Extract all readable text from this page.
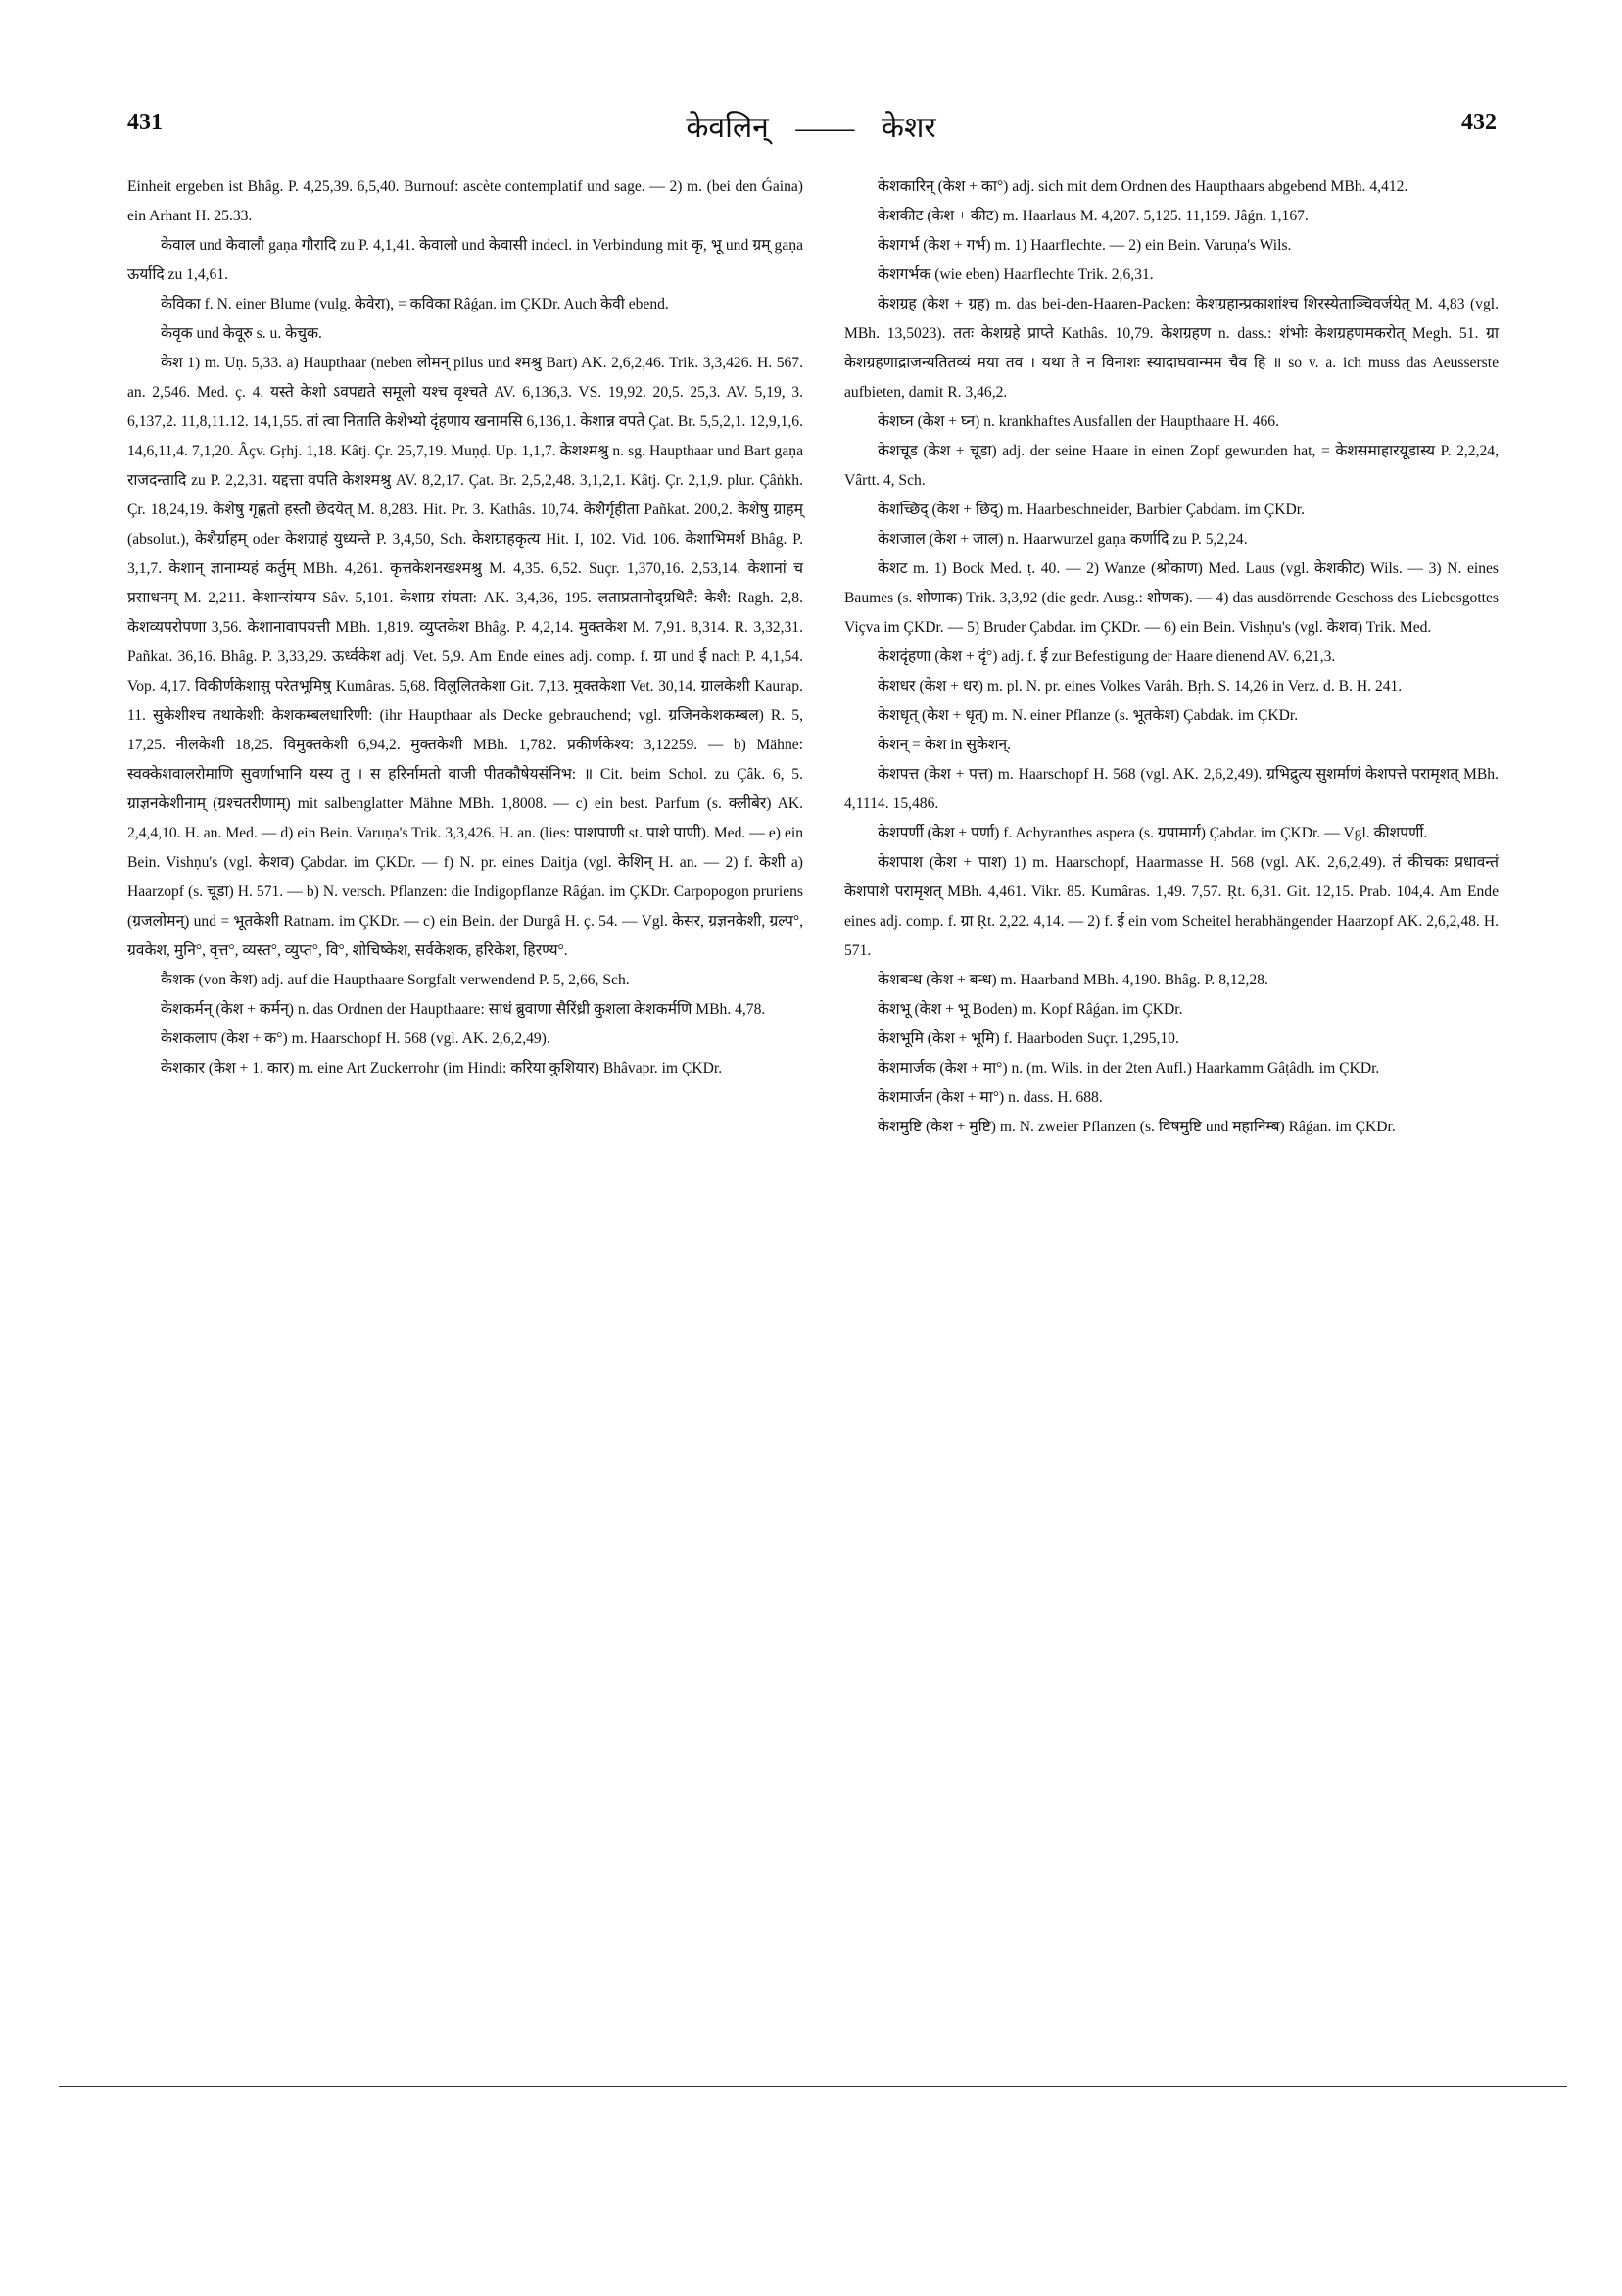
431	केवलिन् —— केशर	432

Einheit ergeben ist Bhâg. P. 4,25,39. 6,5,40. Burnouf: ascète contemplatif und sage. — 2) m. (bei den Ǵaina) ein Arhant H. 25.33.

केवाल und केवालौ gaṇa गौरादि zu P. 4,1,41. केवालो und केवासी indecl. in Verbindung mit कृ, भू und ग्रम् gaṇa ऊर्यादि zu 1,4,61.

केविका f. N. einer Blume (vulg. केवेरा), = कविका Râǵan. im ÇKDr. Auch केवी ebend.

केवृक und केवूरु s. u. केचुक.

केश 1) m. Uṇ. 5,33. a) Haupthaar (neben लोमन् pilus und श्मश्रु Bart) AK. 2,6,2,46. Trik. 3,3,426. H. 567. an. 2,546. Med. ç. 4. यस्ते केशो ऽवपद्यते समूलो यश्च वृश्चते AV. 6,136,3. VS. 19,92. 20,5. 25,3. AV. 5,19, 3. 6,137,2. 11,8,11.12. 14,1,55. तां त्वा निताति केशेभ्यो दृंहणाय खनामसि 6,136,1. केशान्न वपते Çat. Br. 5,5,2,1. 12,9,1,6. 14,6,11,4. 7,1,20. Âçv. Gṛhj. 1,18. Kâtj. Çr. 25,7,19. Muṇḍ. Up. 1,1,7. केशश्मश्रु n. sg. Haupthaar und Bart gaṇa राजदन्तादि zu P. 2,2,31. यद्दत्ता वपति केशश्मश्रु AV. 8,2,17. Çat. Br. 2,5,2,48. 3,1,2,1. Kâtj. Çr. 2,1,9. plur. Çâṅkh. Çr. 18,24,19. केशेषु गृह्णतो हस्तौ छेदयेत् M. 8,283. Hit. Pr. 3. Kathâs. 10,74. केशैर्गृहीता Pañkat. 200,2. केशेषु ग्राहम् (absolut.), केशैर्ग्राहम् oder केशग्राहं युध्यन्ते P. 3,4,50, Sch. केशग्राहकृत्य Hit. I, 102. Vid. 106. केशाभिमर्श Bhâg. P. 3,1,7. केशान् ज्ञानाम्यहं कर्तुम् MBh. 4,261. कृत्तकेशनखश्मश्रु M. 4,35. 6,52. Suçr. 1,370,16. 2,53,14. केशानां च प्रसाधनम् M. 2,211. केशान्संयम्य Sâv. 5,101. केशाग्र संयता: AK. 3,4,36, 195. लताप्रतानोद्ग्रथितै: केशै: Ragh. 2,8. केशव्यपरोपणा 3,56. केशानावापयत्ती MBh. 1,819. व्युप्तकेश Bhâg. P. 4,2,14. मुक्तकेश M. 7,91. 8,314. R. 3,32,31. Pañkat. 36,16. Bhâg. P. 3,33,29. ऊर्ध्वकेश adj. Vet. 5,9. Am Ende eines adj. comp. f. ग्रा und ई nach P. 4,1,54. Vop. 4,17. विकीर्णकेशासु परेतभूमिषु Kumâras. 5,68. विलुलितकेशा Git. 7,13. मुक्तकेशा Vet. 30,14. ग्रालकेशी Kaurap. 11. सुकेशीश्च तथाकेशी: केशकम्बलधारिणी: (ihr Haupthaar als Decke gebrauchend; vgl. ग्रजिनकेशकम्बल) R. 5, 17,25. नीलकेशी 18,25. विमुक्तकेशी 6,94,2. मुक्तकेशी MBh. 1,782. प्रकीर्णकेश्य: 3,12259. — b) Mähne: स्वक्केशवालरोमाणि सुवर्णाभानि यस्य तु । स हरिर्नामतो वाजी पीतकौषेयसंनिभ: ॥ Cit. beim Schol. zu Çâk. 6, 5. ग्राज्ञनकेशीनाम् (ग्रश्चतरीणाम्) mit salbenglatter Mähne MBh. 1,8008. — c) ein best. Parfum (s. क्लीबेर) AK. 2,4,4,10. H. an. Med. — d) ein Bein. Varuṇa's Trik. 3,3,426. H. an. (lies: पाशपाणी st. पाशे पाणी). Med. — e) ein Bein. Vishṇu's (vgl. केशव) Çabdar. im ÇKDr. — f) N. pr. eines Daitja (vgl. केशिन् H. an. — 2) f. केशी a) Haarzopf (s. चूडा) H. 571. — b) N. versch. Pflanzen: die Indigopflanze Râǵan. im ÇKDr. Carpopogon pruriens (ग्रजलोमन्) und = भूतकेशी Ratnam. im ÇKDr. — c) ein Bein. der Durgâ H. ç. 54. — Vgl. केसर, ग्रज्ञनकेशी, ग्रल्प°, ग्रवकेश, मुनि°, वृत्त°, व्यस्त°, व्युप्त°, वि°, शोचिष्केश, सर्वकेशक, हरिकेश, हिरण्य°.

कैशक (von केश) adj. auf die Haupthaare Sorgfalt verwendend P. 5, 2,66, Sch.

केशकर्मन् (केश + कर्मन्) n. das Ordnen der Haupthaare: साधं ब्रुवाणा सैरिंध्री कुशला केशकर्मणि MBh. 4,78.

केशकलाप (केश + क°) m. Haarschopf H. 568 (vgl. AK. 2,6,2,49).

केशकार (केश + 1. कार) m. eine Art Zuckerrohr (im Hindi: करिया कुशियार) Bhâvapr. im ÇKDr.

केशकारिन् (केश + का°) adj. sich mit dem Ordnen des Haupthaars abgebend MBh. 4,412.

केशकीट (केश + कीट) m. Haarlaus M. 4,207. 5,125. 11,159. Jâǵn. 1,167.

केशगर्भ (केश + गर्भ) m. 1) Haarflechte. — 2) ein Bein. Varuṇa's Wils.

केशगर्भक (wie eben) Haarflechte Trik. 2,6,31.

केशग्रह (केश + ग्रह) m. das bei-den-Haaren-Packen: केशग्रहान्प्रकाशांश्च शिरस्येताञ्चिवर्जयेत् M. 4,83 (vgl. MBh. 13,5023). ततः केशग्रहे प्राप्ते Kathâs. 10,79. केशग्रहण n. dass.: शंभोः केशग्रहणमकरोत् Megh. 51. ग्रा केशग्रहणाद्राजन्यतितव्यं मया तव । यथा ते न विनाशः स्यादाघवान्मम चैव हि ॥ so v. a. ich muss das Aeusserste aufbieten, damit R. 3,46,2.

केशघ्न (केश + घ्न) n. krankhaftes Ausfallen der Haupthaare H. 466.

केशचूड (केश + चूडा) adj. der seine Haare in einen Zopf gewunden hat, = केशसमाहारयूडास्य P. 2,2,24, Vârtt. 4, Sch.

केशच्छिद् (केश + छिद्) m. Haarbeschneider, Barbier Çabdam. im ÇKDr.

केशजाल (केश + जाल) n. Haarwurzel gaṇa कर्णादि zu P. 5,2,24.

केशट m. 1) Bock Med. ṭ. 40. — 2) Wanze (श्रोकाण) Med. Laus (vgl. केशकीट) Wils. — 3) N. eines Baumes (s. शोणाक) Trik. 3,3,92 (die gedr. Ausg.: शोणक). — 4) das ausdörrende Geschoss des Liebesgottes Viçva im ÇKDr. — 5) Bruder Çabdar. im ÇKDr. — 6) ein Bein. Vishṇu's (vgl. केशव) Trik. Med.

केशदृंहणा (केश + दृं°) adj. f. ई zur Befestigung der Haare dienend AV. 6,21,3.

केशधर (केश + धर) m. pl. N. pr. eines Volkes Varâh. Bṛh. S. 14,26 in Verz. d. B. H. 241.

केशधृत् (केश + धृत्) m. N. einer Pflanze (s. भूतकेश) Çabdak. im ÇKDr.

केशन् = केश in सुकेशन्.

केशपत्त (केश + पत्त) m. Haarschopf H. 568 (vgl. AK. 2,6,2,49). ग्रभिद्रुत्य सुशर्माणं केशपत्ते परामृशत् MBh. 4,1114. 15,486.

केशपर्णी (केश + पर्णा) f. Achyranthes aspera (s. ग्रपामार्ग) Çabdar. im ÇKDr. — Vgl. कीशपर्णी.

केशपाश (केश + पाश) 1) m. Haarschopf, Haarmasse H. 568 (vgl. AK. 2,6,2,49). तं कीचकः प्रधावन्तं केशपाशे परामृशत् MBh. 4,461. Vikr. 85. Kumâras. 1,49. 7,57. Ṛt. 6,31. Git. 12,15. Prab. 104,4. Am Ende eines adj. comp. f. ग्रा Ṛt. 2,22. 4,14. — 2) f. ई ein vom Scheitel herabhängender Haarzopf AK. 2,6,2,48. H. 571.

केशबन्ध (केश + बन्ध) m. Haarband MBh. 4,190. Bhâg. P. 8,12,28.

केशभू (केश + भू Boden) m. Kopf Râǵan. im ÇKDr.

केशभूमि (केश + भूमि) f. Haarboden Suçr. 1,295,10.

केशमार्जक (केश + मा°) n. (m. Wils. in der 2ten Aufl.) Haarkamm Gâṭâdh. im ÇKDr.

केशमार्जन (केश + मा°) n. dass. H. 688.

केशमुष्टि (केश + मुष्टि) m. N. zweier Pflanzen (s. विषमुष्टि und महानिम्ब) Râǵan. im ÇKDr.
